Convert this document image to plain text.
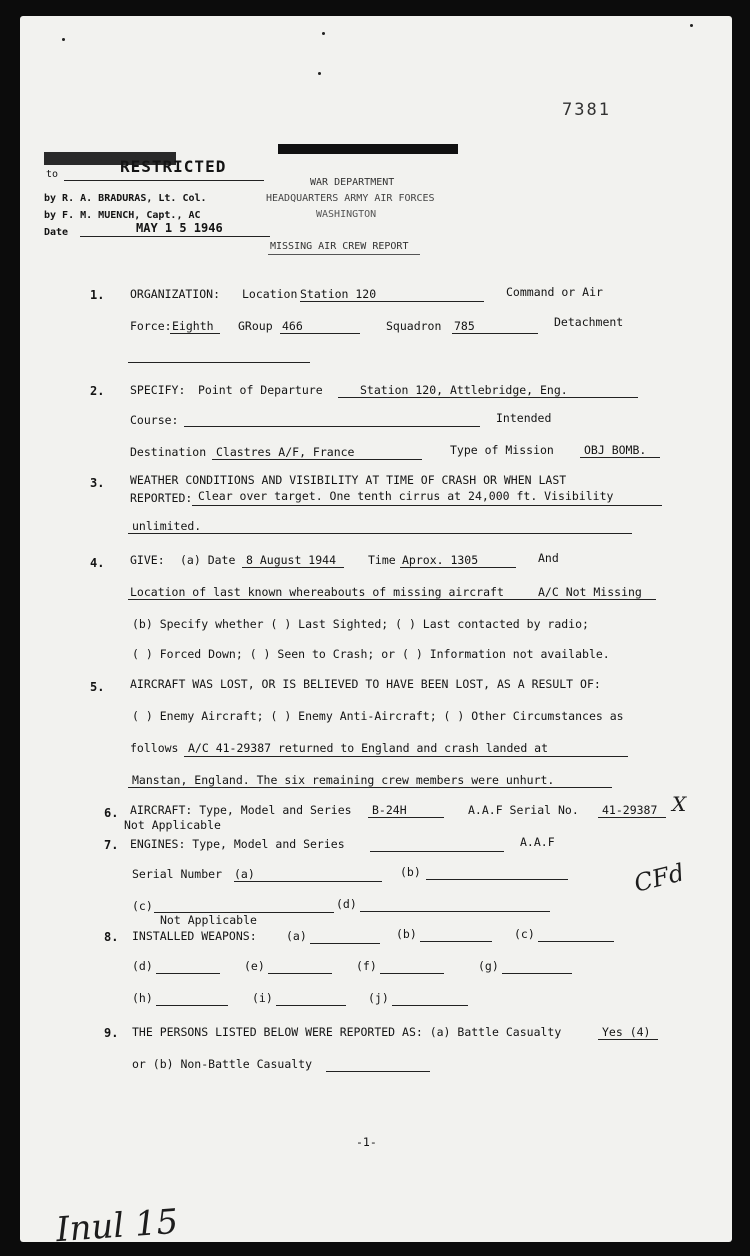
7381
Classification changed
to	RESTRICTED
by R. A. BRADURAS, Lt. Col.
by F. M. MUENCH, Capt., AC
Date	MAY 1 5 1946
WAR DEPARTMENT
HEADQUARTERS ARMY AIR FORCES
WASHINGTON
MISSING AIR CREW REPORT
1. ORGANIZATION: Location Station 120	Command or Air
Force: Eighth GRoup 466	Squadron 785	Detachment
2. SPECIFY: Point of Departure	Station 120, Attlebridge, Eng.
Course:	Intended
Destination Clastres A/F, France	Type of Mission	OBJ BOMB.
3. WEATHER CONDITIONS AND VISIBILITY AT TIME OF CRASH OR WHEN LAST
REPORTED: Clear over target. One tenth cirrus at 24,000 ft. Visibility
unlimited.
4. GIVE: (a) Date 8 August 1944	Time Aprox. 1305	And
Location of last known whereabouts of missing aircraft	A/C Not Missing
(b) Specify whether ( ) Last Sighted; ( ) Last contacted by radio;
( ) Forced Down; ( ) Seen to Crash; or ( ) Information not available.
5. AIRCRAFT WAS LOST, OR IS BELIEVED TO HAVE BEEN LOST, AS A RESULT OF:
( ) Enemy Aircraft; ( ) Enemy Anti-Aircraft; ( ) Other Circumstances as
follows A/C 41-29387 returned to England and crash landed at
Manstan, England. The six remaining crew members were unhurt.
6. AIRCRAFT: Type, Model and Series B-24H	A.A.F Serial No. 41-29387 X
Not Applicable
7. ENGINES: Type, Model and Series	A.A.F
Serial Number (a)	(b)
(c)	(d)
CFd
Not Applicable
8. INSTALLED WEAPONS:	(a)	(b)	(c)
(d)	(e)	(f)	(g)
(h)	(i)	(j)
9. THE PERSONS LISTED BELOW WERE REPORTED AS: (a) Battle Casualty	Yes (4)
or (b) Non-Battle Casualty
-1-
Inul 15
